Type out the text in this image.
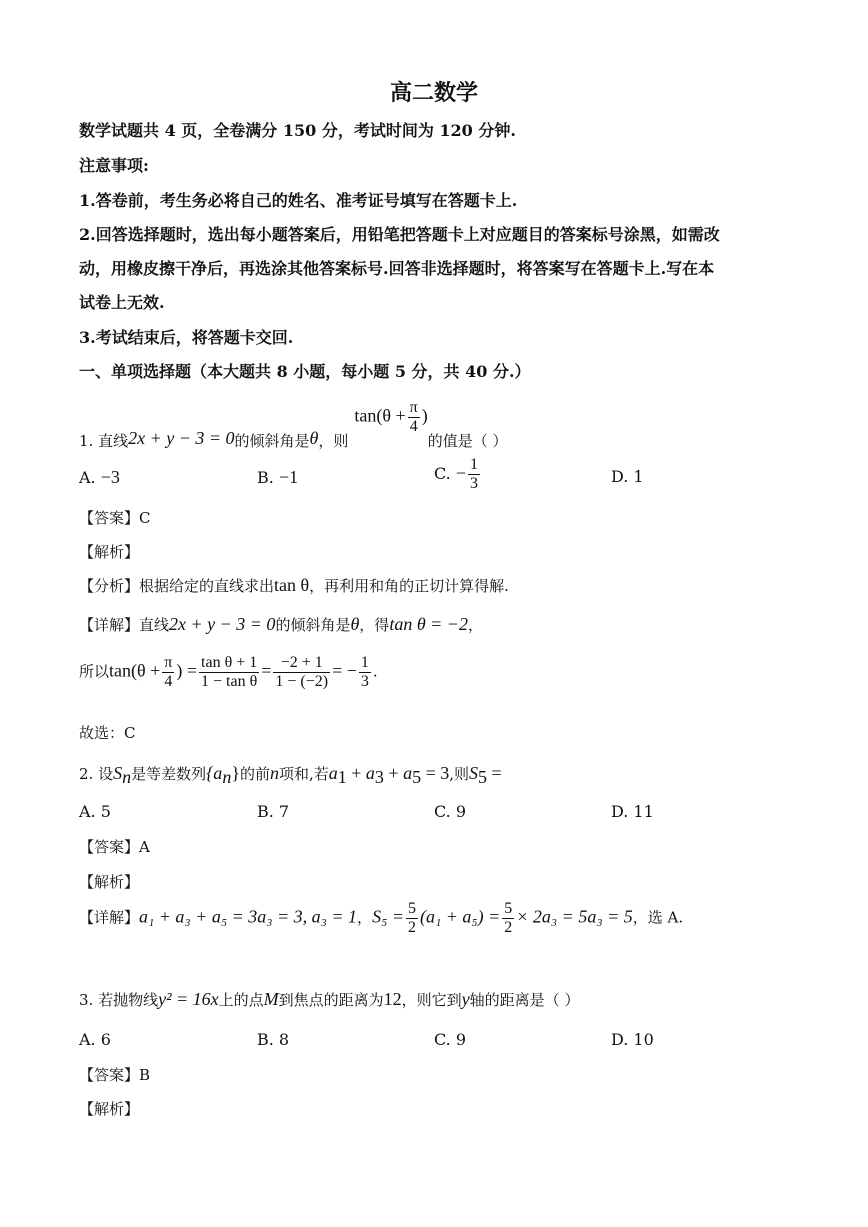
高二数学
数学试题共 4 页，全卷满分 150 分，考试时间为 120 分钟.
注意事项:
1.答卷前，考生务必将自己的姓名、准考证号填写在答题卡上.
2.回答选择题时，选出每小题答案后，用铅笔把答题卡上对应题目的答案标号涂黑，如需改
动，用橡皮擦干净后，再选涂其他答案标号.回答非选择题时，将答案写在答题卡上.写在本
试卷上无效.
3.考试结束后，将答题卡交回.
一、单项选择题（本大题共 8 小题，每小题 5 分，共 40 分.）
1. 直线2x + y − 3 = 0的倾斜角是θ，则$\tan(\theta + \frac{\pi}{4}$ )的值是（ ）
A. −3	B. −1	C. − $\frac{1}{3}$	D. 1
【答案】C
【解析】
【分析】根据给定的直线求出tan θ，再利用和角的正切计算得解.
【详解】直线2x + y − 3 = 0的倾斜角是θ，得tan θ = −2，
所以$\tan(\theta + \frac{\pi}{4}$ ) = $\frac{\text{tan θ + 1}}{\text{1 − tan θ}} = \frac{-2 + 1}{1 - (-2)}$ = − $\frac{1}{3}$ .
故选：C
2. 设$S_n$是等差数列$\{a_n\}$的前n项和,若$a_1 + a_3 + a_5 = 3$,则$S_5$ =
A. 5	B. 7	C. 9	D. 11
【答案】A
【解析】
【详解】a₁ + a₃ + a₅ = 3a₃ = 3, a₃ = 1，$S_5 = \frac{5}{2} (a_1 + a_5) = \frac{5}{2} \times 2a_3 = 5a_3 = 5$，选 A.
3. 若抛物线y² = 16x上的点M到焦点的距离为12，则它到y轴的距离是（ ）
A. 6	B. 8	C. 9	D. 10
【答案】B
【解析】
